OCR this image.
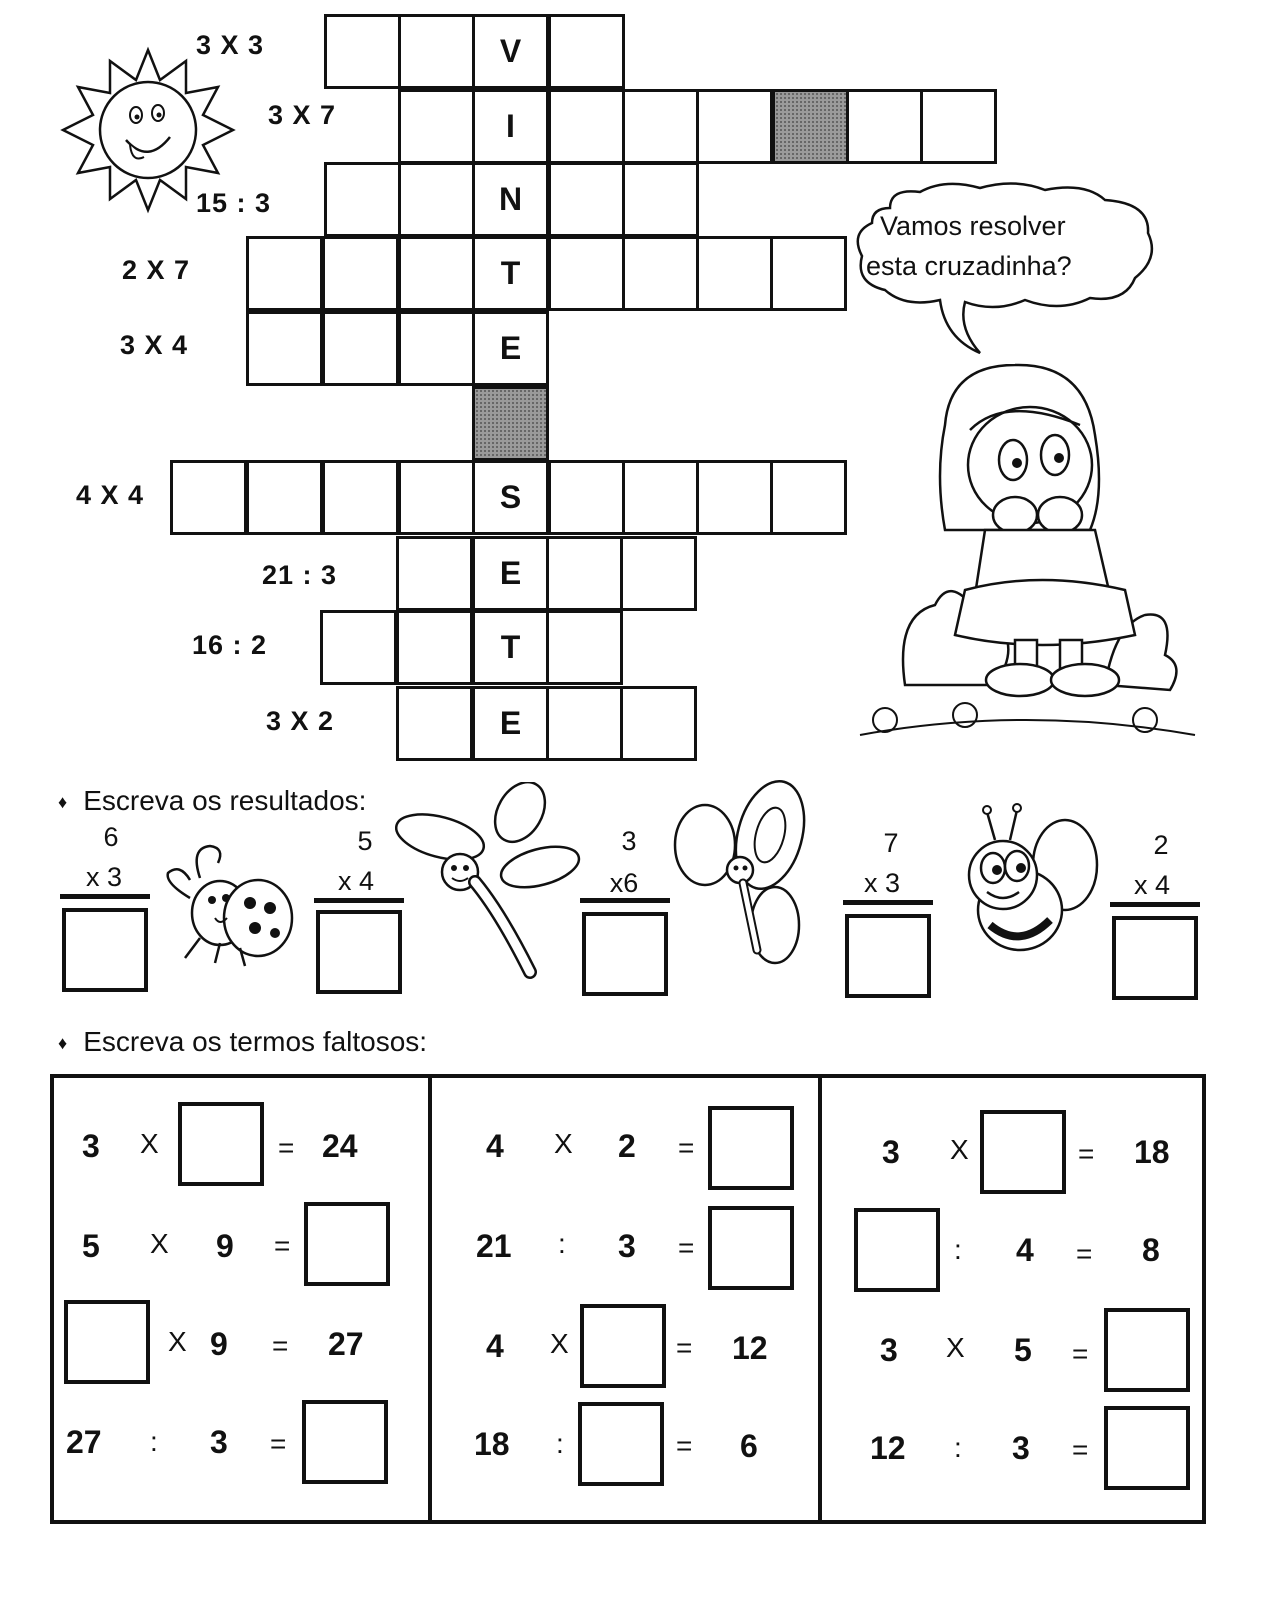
3 X 3
3 X 7
15 : 3
2 X 7
3 X 4
4 X 4
21 : 3
16 : 2
3 X 2
V
I
N
T
E
S
E
T
E
Vamos resolver
esta cruzadinha?
♦ Escreva os resultados:
6
x 3
5
x 4
3
x6
7
x 3
2
x 4
♦ Escreva os termos faltosos:
3 X	= 24
5 X 9 =
X 9 = 27
27 : 3 =
4 X 2 =
21 : 3 =
4 X	= 12
18 :	= 6
3 X	= 18
: 4 = 8
3 X 5 =
12 : 3 =
